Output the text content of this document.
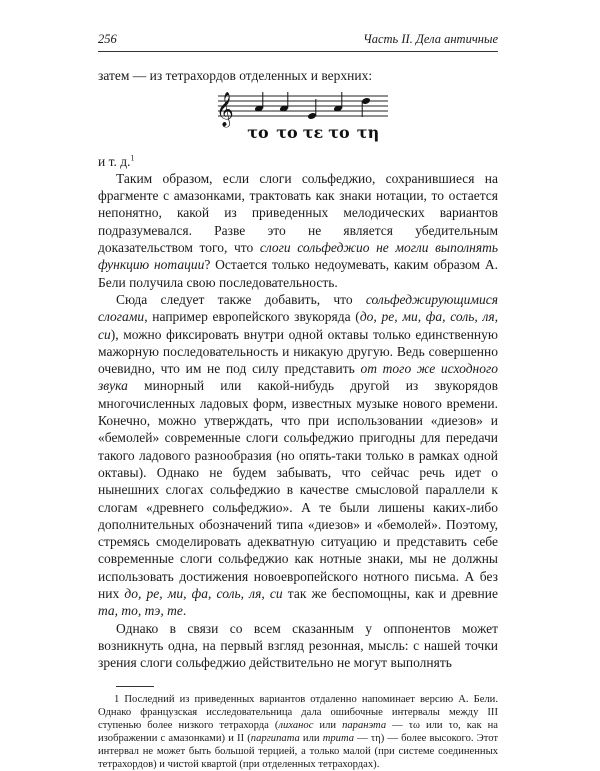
256	Часть II. Дела античные

затем — из тетрахордов отделенных и верхних:

𝄞
το το τε το τη

и т. д.$^1$

Таким образом, если слоги сольфеджио, сохранившиеся на фрагменте с амазонками, трактовать как знаки нотации, то остается непонятно, какой из приведенных мелодических вариантов подразумевался. Разве это не является убедительным доказательством того, что слоги сольфеджио не могли выполнять функцию нотации? Остается только недоумевать, каким образом А. Бели получила свою последовательность.

Сюда следует также добавить, что сольфеджирующимися слогами, например европейского звукоряда (до, ре, ми, фа, соль, ля, си), можно фиксировать внутри одной октавы только единственную мажорную последовательность и никакую другую. Ведь совершенно очевидно, что им не под силу представить от того же исходного звука минорный или какой-нибудь другой из звукорядов многочисленных ладовых форм, известных музыке нового времени. Конечно, можно утверждать, что при использовании «диезов» и «бемолей» современные слоги сольфеджио пригодны для передачи такого ладового разнообразия (но опять-таки только в рамках одной октавы). Однако не будем забывать, что сейчас речь идет о нынешних слогах сольфеджио в качестве смысловой параллели к слогам «древнего сольфеджио». А те были лишены каких-либо дополнительных обозначений типа «диезов» и «бемолей». Поэтому, стремясь смоделировать адекватную ситуацию и представить себе современные слоги сольфеджио как нотные знаки, мы не должны использовать достижения новоевропейского нотного письма. А без них до, ре, ми, фа, соль, ля, си так же беспомощны, как и древние та, то, тэ, те.

Однако в связи со всем сказанным у оппонентов может возникнуть одна, на первый взгляд резонная, мысль: с нашей точки зрения слоги сольфеджио действительно не могут выполнять

1 Последний из приведенных вариантов отдаленно напоминает версию А. Бели. Однако французская исследовательница дала ошибочные интервалы между III ступенью более низкого тетрахорда (лиханос или паранэта — τω или το, как на изображении с амазонками) и II (паргипата или трита — τη) — более высокого. Этот интервал не может быть большой терцией, а только малой (при системе соединенных тетрахордов) и чистой квартой (при отделенных тетрахордах).
